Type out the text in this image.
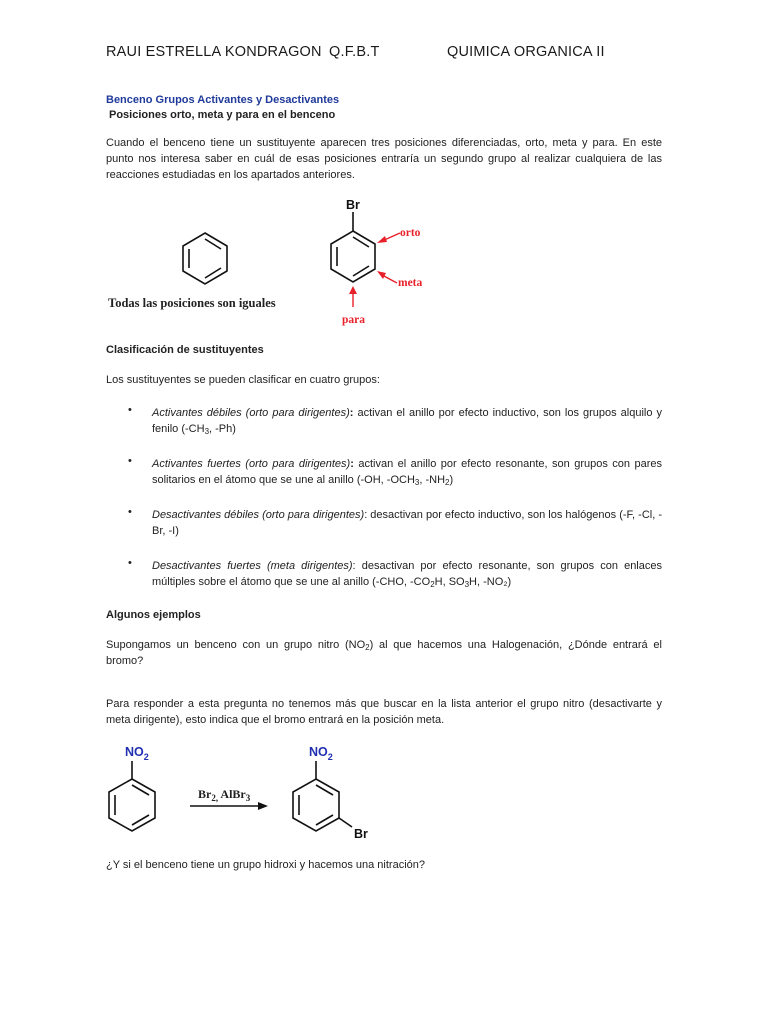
RAUI ESTRELLA KONDRAGON Q.F.B.T	QUIMICA ORGANICA II
Benceno Grupos Activantes y Desactivantes
Posiciones orto, meta y para en el benceno
Cuando el benceno tiene un sustituyente aparecen tres posiciones diferenciadas, orto, meta y para. En este punto nos interesa saber en cuál de esas posiciones entraría un segundo grupo al realizar cualquiera de las reacciones estudiadas en los apartados anteriores.
Todas las posiciones son iguales
Br
orto
meta
para
Clasificación de sustituyentes
Los sustituyentes se pueden clasificar en cuatro grupos:
• Activantes débiles (orto para dirigentes): activan el anillo por efecto inductivo, son los grupos alquilo y fenilo ($-CH_3$, -Ph)
• Activantes fuertes (orto para dirigentes): activan el anillo por efecto resonante, son grupos con pares solitarios en el átomo que se une al anillo (-OH, $-OCH_3$, $-NH_2$)
• Desactivantes débiles (orto para dirigentes): desactivan por efecto inductivo, son los halógenos (-F, -Cl, -Br, -I)
• Desactivantes fuertes (meta dirigentes): desactivan por efecto resonante, son grupos con enlaces múltiples sobre el átomo que se une al anillo (-CHO, $-CO_2H$, $SO_3H$, -NO₂)
Algunos ejemplos
Supongamos un benceno con un grupo nitro $(NO_2)$ al que hacemos una Halogenación, ¿Dónde entrará el bromo?
Para responder a esta pregunta no tenemos más que buscar en la lista anterior el grupo nitro (desactivarte y meta dirigente), esto indica que el bromo entrará en la posición meta.
$NO_2$
$Br_{2,}$ AlBr$_3$
$NO_2$
Br
¿Y si el benceno tiene un grupo hidroxi y hacemos una nitración?
